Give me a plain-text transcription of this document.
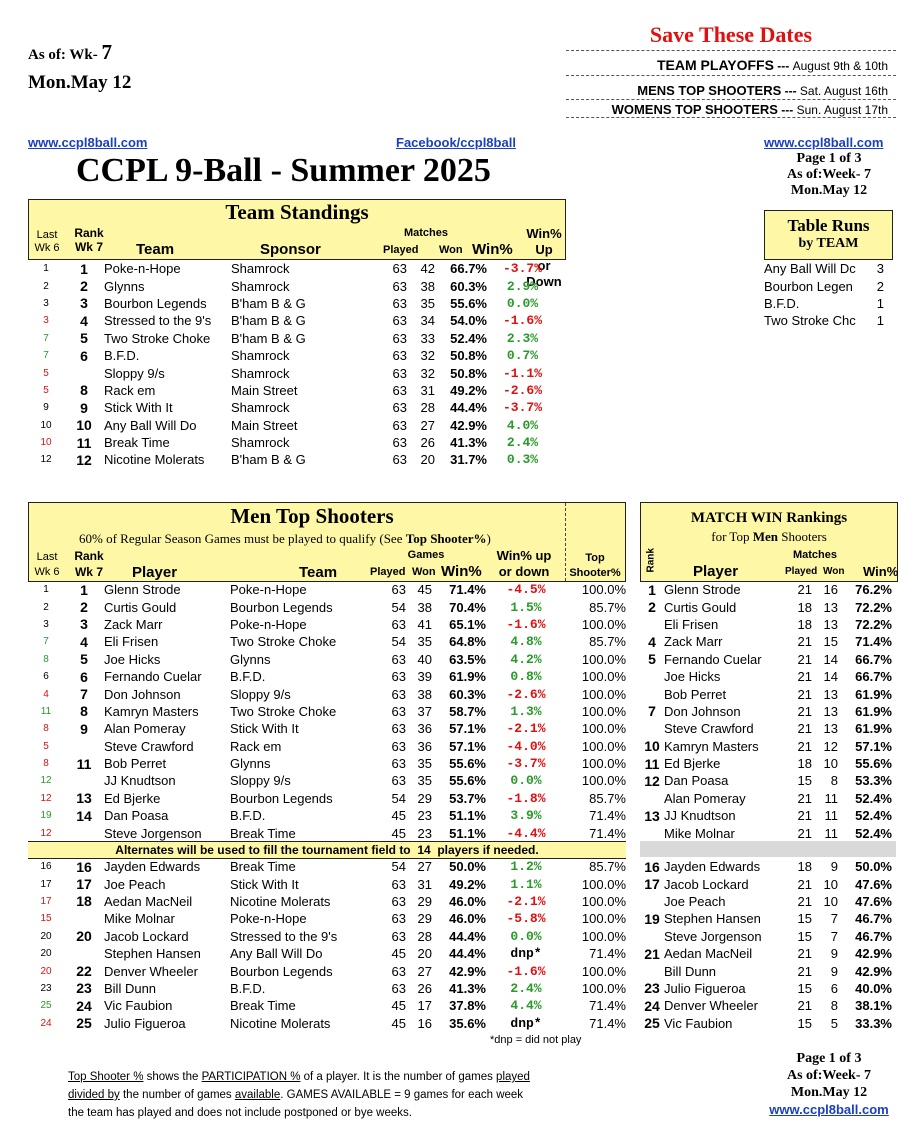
As of: Wk- 7
Mon.May 12
Save These Dates
TEAM PLAYOFFS --- August 9th & 10th
MENS TOP SHOOTERS --- Sat. August 16th
WOMENS TOP SHOOTERS --- Sun. August 17th
www.ccpl8ball.com	Facebook/ccpl8ball	www.ccpl8ball.com
CCPL 9-Ball - Summer 2025	Page 1 of 3
As of:Week- 7
Mon.May 12
Team Standings
Last
Wk 6
Rank
Wk 7	Team	Sponsor
Matches
Played Won Win%
Win% Up
or Down
1	1	Poke-n-Hope	Shamrock	63	42	66.7%	-3.7%
2	2	Glynns	Shamrock	63	38	60.3%	2.9%
3	3	Bourbon Legends	B'ham B & G	63	35	55.6%	0.0%
3	4	Stressed to the 9's	B'ham B & G	63	34	54.0%	-1.6%
7	5	Two Stroke Choke	B'ham B & G	63	33	52.4%	2.3%
7	6	B.F.D.	Shamrock	63	32	50.8%	0.7%
5		Sloppy 9/s	Shamrock	63	32	50.8%	-1.1%
5	8	Rack em	Main Street	63	31	49.2%	-2.6%
9	9	Stick With It	Shamrock	63	28	44.4%	-3.7%
10	10	Any Ball Will Do	Main Street	63	27	42.9%	4.0%
10	11	Break Time	Shamrock	63	26	41.3%	2.4%
12	12	Nicotine Molerats	B'ham B & G	63	20	31.7%	0.3%
Table Runs
by TEAM
Any Ball Will Dc	3
Bourbon Legen	2
B.F.D.	1
Two Stroke Chc	1
Men Top Shooters
60% of Regular Season Games must be played to qualify (See Top Shooter%)
Last
Wk 6
Rank
Wk 7	Player	Team
Games
Played Won Win%
Win% up
or down
Top
Shooter%
1	1	Glenn Strode	Poke-n-Hope	63	45	71.4%	-4.5%	100.0%
2	2	Curtis Gould	Bourbon Legends	54	38	70.4%	1.5%	85.7%
3	3	Zack Marr	Poke-n-Hope	63	41	65.1%	-1.6%	100.0%
7	4	Eli Frisen	Two Stroke Choke	54	35	64.8%	4.8%	85.7%
8	5	Joe Hicks	Glynns	63	40	63.5%	4.2%	100.0%
6	6	Fernando Cuelar	B.F.D.	63	39	61.9%	0.8%	100.0%
4	7	Don Johnson	Sloppy 9/s	63	38	60.3%	-2.6%	100.0%
11	8	Kamryn Masters	Two Stroke Choke	63	37	58.7%	1.3%	100.0%
8	9	Alan Pomeray	Stick With It	63	36	57.1%	-2.1%	100.0%
5		Steve Crawford	Rack em	63	36	57.1%	-4.0%	100.0%
8	11	Bob Perret	Glynns	63	35	55.6%	-3.7%	100.0%
12		JJ Knudtson	Sloppy 9/s	63	35	55.6%	0.0%	100.0%
12	13	Ed Bjerke	Bourbon Legends	54	29	53.7%	-1.8%	85.7%
19	14	Dan Poasa	B.F.D.	45	23	51.1%	3.9%	71.4%
12		Steve Jorgenson	Break Time	45	23	51.1%	-4.4%	71.4%
Alternates will be used to fill the tournament field to 14 players if needed.
16	16	Jayden Edwards	Break Time	54	27	50.0%	1.2%	85.7%
17	17	Joe Peach	Stick With It	63	31	49.2%	1.1%	100.0%
17	18	Aedan MacNeil	Nicotine Molerats	63	29	46.0%	-2.1%	100.0%
15		Mike Molnar	Poke-n-Hope	63	29	46.0%	-5.8%	100.0%
20	20	Jacob Lockard	Stressed to the 9's	63	28	44.4%	0.0%	100.0%
20		Stephen Hansen	Any Ball Will Do	45	20	44.4%	dnp*	71.4%
20	22	Denver Wheeler	Bourbon Legends	63	27	42.9%	-1.6%	100.0%
23	23	Bill Dunn	B.F.D.	63	26	41.3%	2.4%	100.0%
25	24	Vic Faubion	Break Time	45	17	37.8%	4.4%	71.4%
24	25	Julio Figueroa	Nicotine Molerats	45	16	35.6%	dnp*	71.4%
*dnp = did not play
MATCH WIN Rankings
for Top Men Shooters
Rank Player
Matches
Played Won Win%
1	Glenn Strode	21	16	76.2%
2	Curtis Gould	18	13	72.2%
	Eli Frisen	18	13	72.2%
4	Zack Marr	21	15	71.4%
5	Fernando Cuelar	21	14	66.7%
	Joe Hicks	21	14	66.7%
	Bob Perret	21	13	61.9%
7	Don Johnson	21	13	61.9%
	Steve Crawford	21	13	61.9%
10	Kamryn Masters	21	12	57.1%
11	Ed Bjerke	18	10	55.6%
12	Dan Poasa	15	8	53.3%
	Alan Pomeray	21	11	52.4%
13	JJ Knudtson	21	11	52.4%
	Mike Molnar	21	11	52.4%
16	Jayden Edwards	18	9	50.0%
17	Jacob Lockard	21	10	47.6%
	Joe Peach	21	10	47.6%
19	Stephen Hansen	15	7	46.7%
	Steve Jorgenson	15	7	46.7%
21	Aedan MacNeil	21	9	42.9%
	Bill Dunn	21	9	42.9%
23	Julio Figueroa	15	6	40.0%
24	Denver Wheeler	21	8	38.1%
25	Vic Faubion	15	5	33.3%
Top Shooter % shows the PARTICIPATION % of a player. It is the number of games played
divided by the number of games available. GAMES AVAILABLE = 9 games for each week
the team has played and does not include postponed or bye weeks.
Page 1 of 3
As of:Week- 7
Mon.May 12
www.ccpl8ball.com
